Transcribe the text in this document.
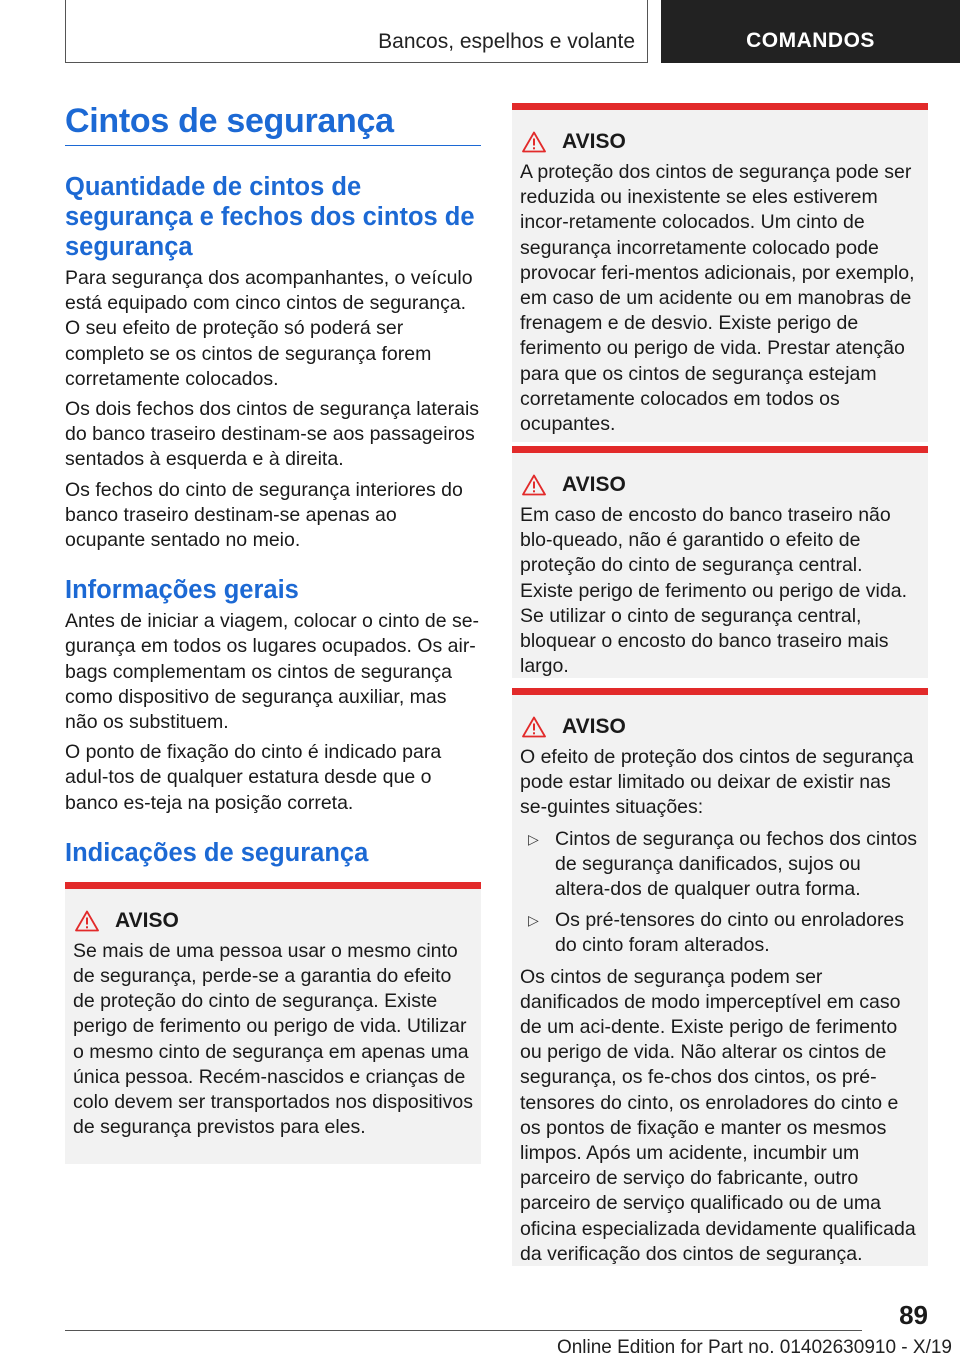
Bancos, espelhos e volante	COMANDOS
Cintos de segurança
Quantidade de cintos de segurança e fechos dos cintos de segurança

Para segurança dos acompanhantes, o veículo está equipado com cinco cintos de segurança. O seu efeito de proteção só poderá ser completo se os cintos de segurança forem corretamente colocados.

Os dois fechos dos cintos de segurança laterais do banco traseiro destinam-se aos passageiros sentados à esquerda e à direita.

Os fechos do cinto de segurança interiores do banco traseiro destinam-se apenas ao ocupante sentado no meio.

Informações gerais

Antes de iniciar a viagem, colocar o cinto de se-gurança em todos os lugares ocupados. Os air-bags complementam os cintos de segurança como dispositivo de segurança auxiliar, mas não os substituem.

O ponto de fixação do cinto é indicado para adul-tos de qualquer estatura desde que o banco es-teja na posição correta.

Indicações de segurança
AVISO

Se mais de uma pessoa usar o mesmo cinto de segurança, perde-se a garantia do efeito de proteção do cinto de segurança. Existe perigo de ferimento ou perigo de vida. Utilizar o mesmo cinto de segurança em apenas uma única pessoa. Recém-nascidos e crianças de colo devem ser transportados nos dispositivos de segurança previstos para eles.

AVISO

A proteção dos cintos de segurança pode ser reduzida ou inexistente se eles estiverem incor-retamente colocados. Um cinto de segurança incorretamente colocado pode provocar feri-mentos adicionais, por exemplo, em caso de um acidente ou em manobras de frenagem e de desvio. Existe perigo de ferimento ou perigo de vida. Prestar atenção para que os cintos de segurança estejam corretamente colocados em todos os ocupantes.

AVISO

Em caso de encosto do banco traseiro não blo-queado, não é garantido o efeito de proteção do cinto de segurança central. Existe perigo de ferimento ou perigo de vida. Se utilizar o cinto de segurança central, bloquear o encosto do banco traseiro mais largo.

AVISO

O efeito de proteção dos cintos de segurança pode estar limitado ou deixar de existir nas se-guintes situações:

▷ Cintos de segurança ou fechos dos cintos de segurança danificados, sujos ou altera-dos de qualquer outra forma.
▷ Os pré-tensores do cinto ou enroladores do cinto foram alterados.

Os cintos de segurança podem ser danificados de modo imperceptível em caso de um aci-dente. Existe perigo de ferimento ou perigo de vida. Não alterar os cintos de segurança, os fe-chos dos cintos, os pré-tensores do cinto, os enroladores do cinto e os pontos de fixação e manter os mesmos limpos. Após um acidente, incumbir um parceiro de serviço do fabricante, outro parceiro de serviço qualificado ou de uma oficina especializada devidamente qualificada da verificação dos cintos de segurança.

89
Online Edition for Part no. 01402630910 - X/19
